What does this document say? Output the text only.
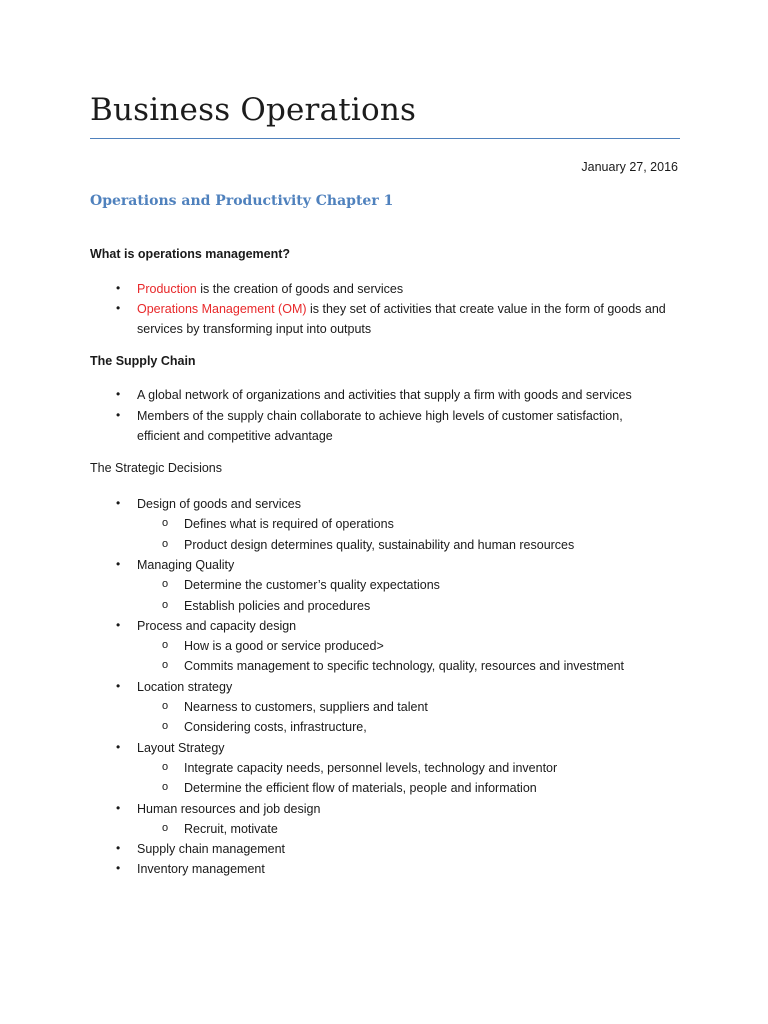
Business Operations
January 27, 2016
Operations and Productivity Chapter 1
What is operations management?
• Production is the creation of goods and services
• Operations Management (OM) is they set of activities that create value in the form of goods and
services by transforming input into outputs
The Supply Chain
• A global network of organizations and activities that supply a firm with goods and services
• Members of the supply chain collaborate to achieve high levels of customer satisfaction,
efficient and competitive advantage
The Strategic Decisions
• Design of goods and services
o Defines what is required of operations
o Product design determines quality, sustainability and human resources
• Managing Quality
o Determine the customer’s quality expectations
o Establish policies and procedures
• Process and capacity design
o How is a good or service produced>
o Commits management to specific technology, quality, resources and investment
• Location strategy
o Nearness to customers, suppliers and talent
o Considering costs, infrastructure,
• Layout Strategy
o Integrate capacity needs, personnel levels, technology and inventor
o Determine the efficient flow of materials, people and information
• Human resources and job design
o Recruit, motivate
• Supply chain management
• Inventory management
